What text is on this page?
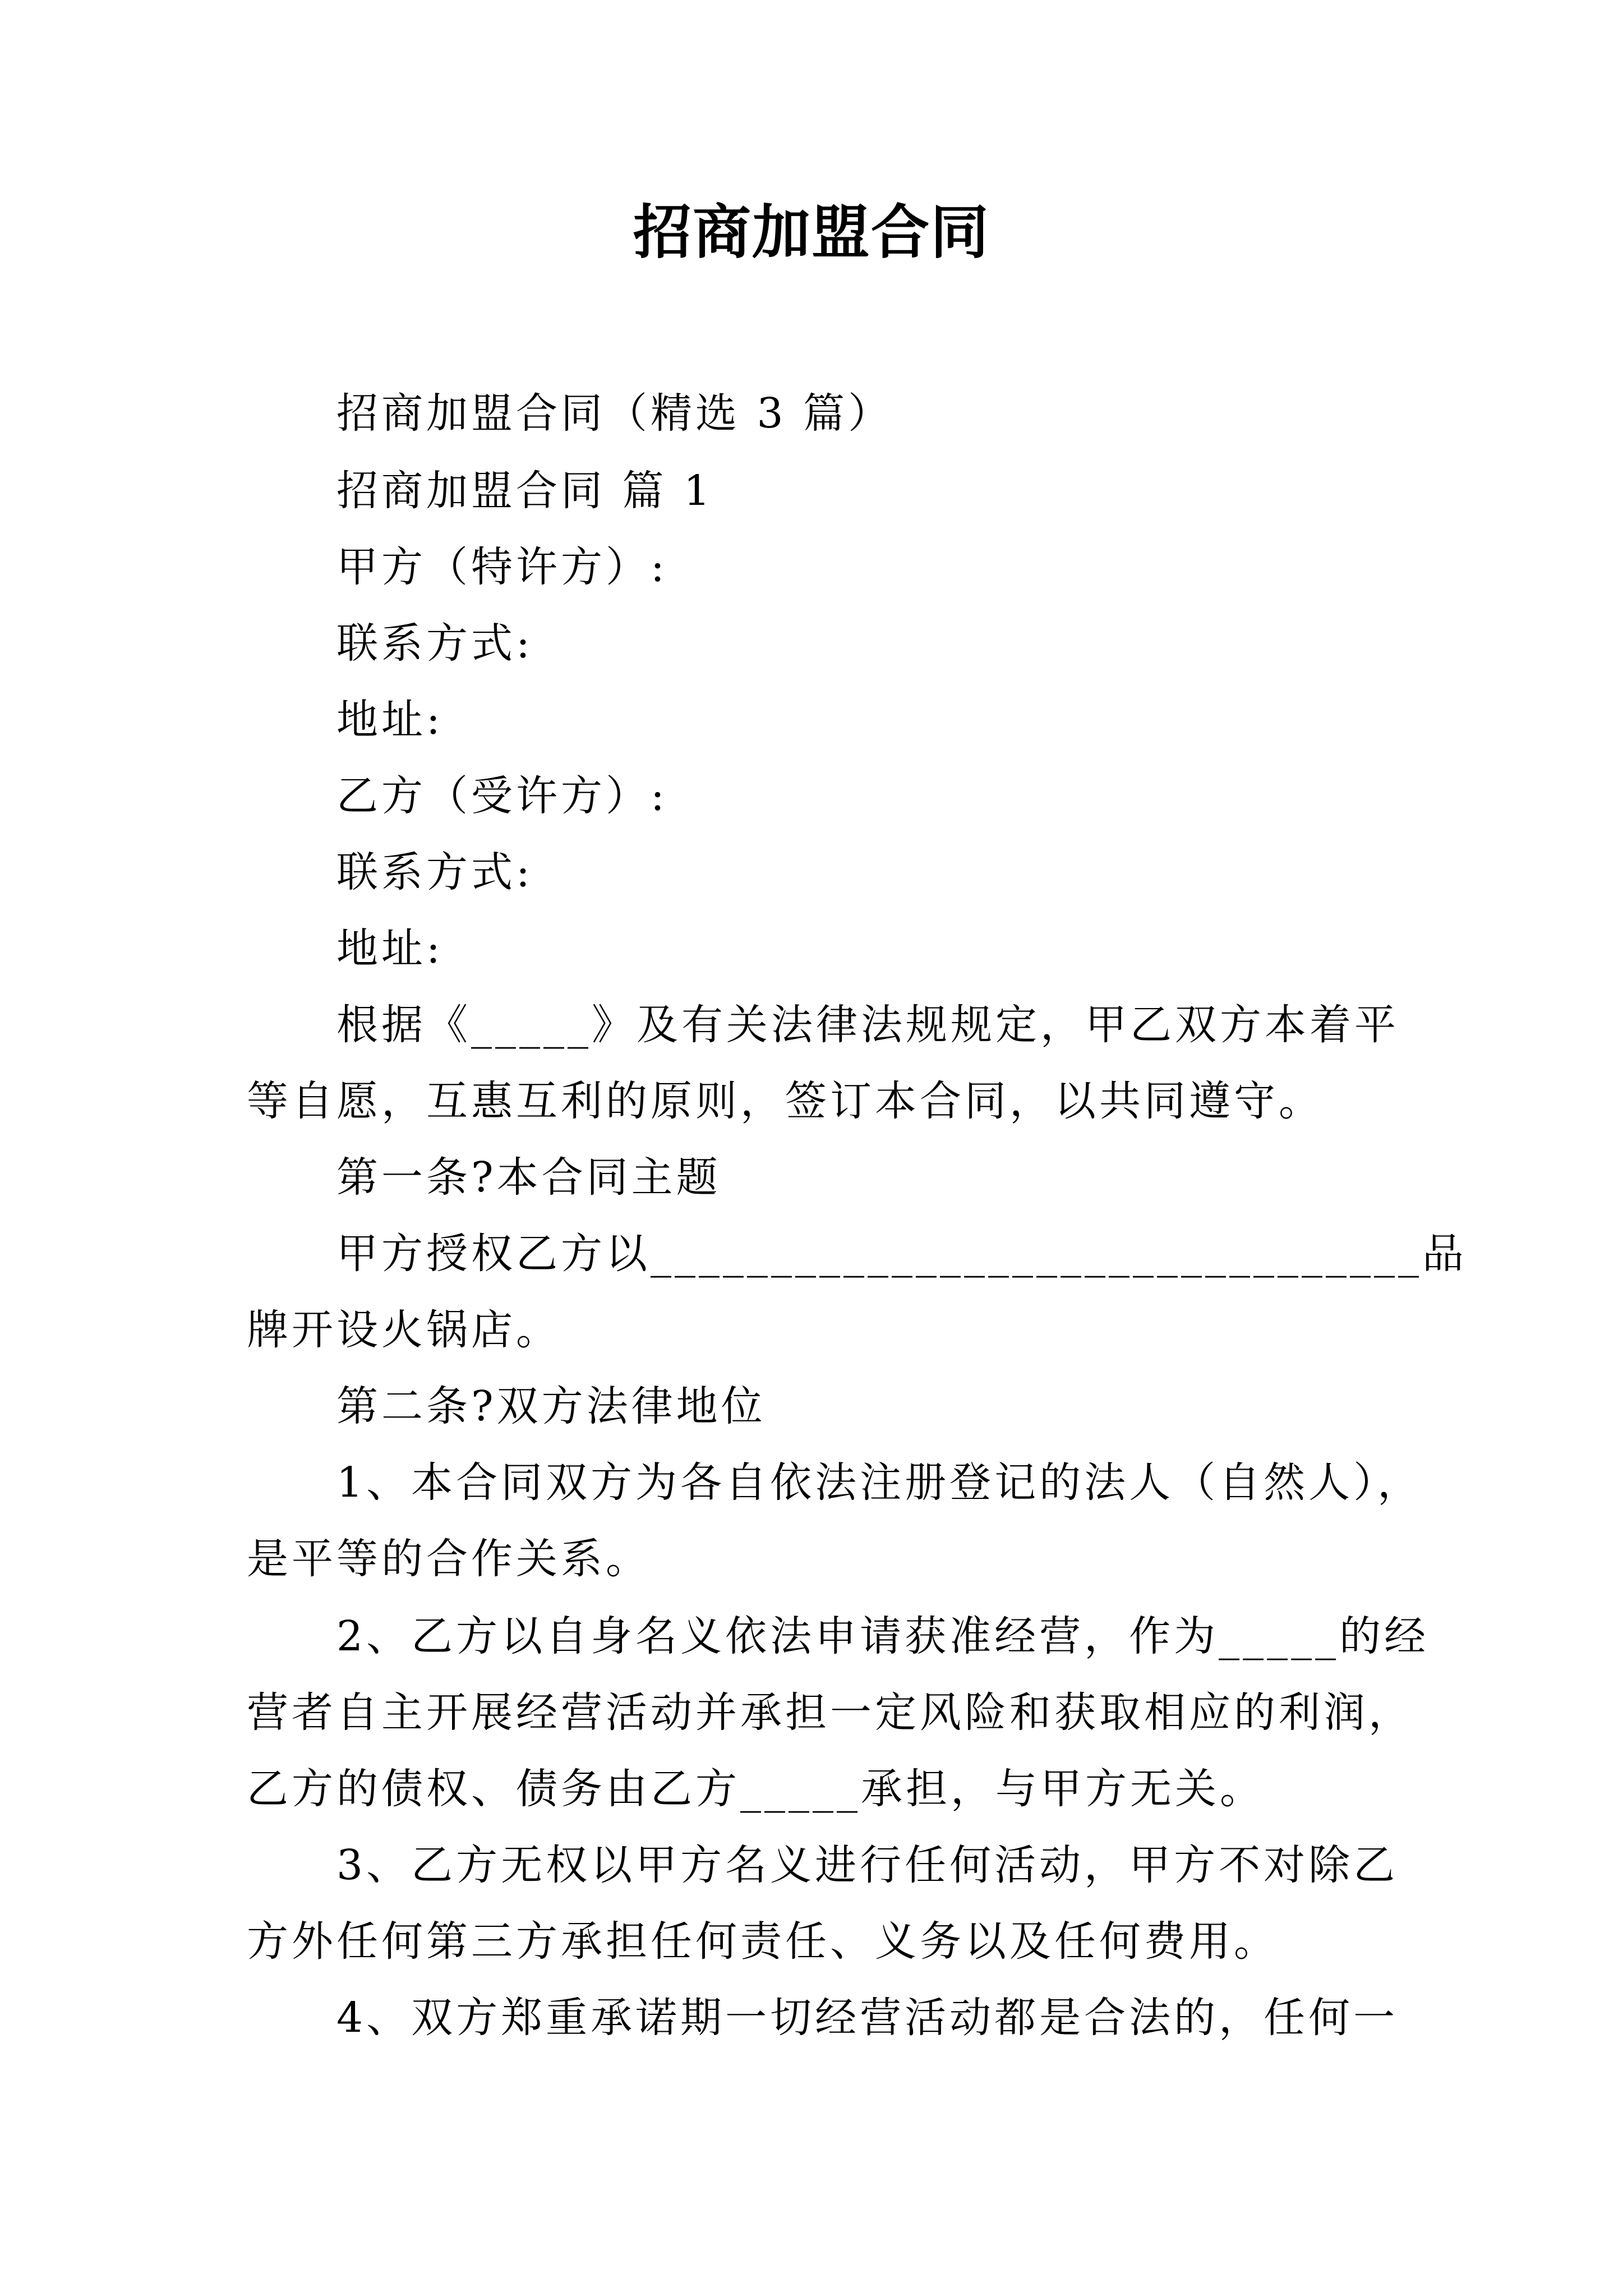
招商加盟合同
招商加盟合同（精选 3 篇）
招商加盟合同 篇 1
甲方（特许方）:
联系方式:
地址:
乙方（受许方）:
联系方式:
地址:
根据《_____》及有关法律法规规定，甲乙双方本着平
等自愿，互惠互利的原则，签订本合同，以共同遵守。
第一条?本合同主题
甲方授权乙方以________________________________品
牌开设火锅店。
第二条?双方法律地位
1、本合同双方为各自依法注册登记的法人（自然人），
是平等的合作关系。
2、乙方以自身名义依法申请获准经营，作为_____的经
营者自主开展经营活动并承担一定风险和获取相应的利润，
乙方的债权、债务由乙方_____承担，与甲方无关。
3、乙方无权以甲方名义进行任何活动，甲方不对除乙
方外任何第三方承担任何责任、义务以及任何费用。
4、双方郑重承诺期一切经营活动都是合法的，任何一
